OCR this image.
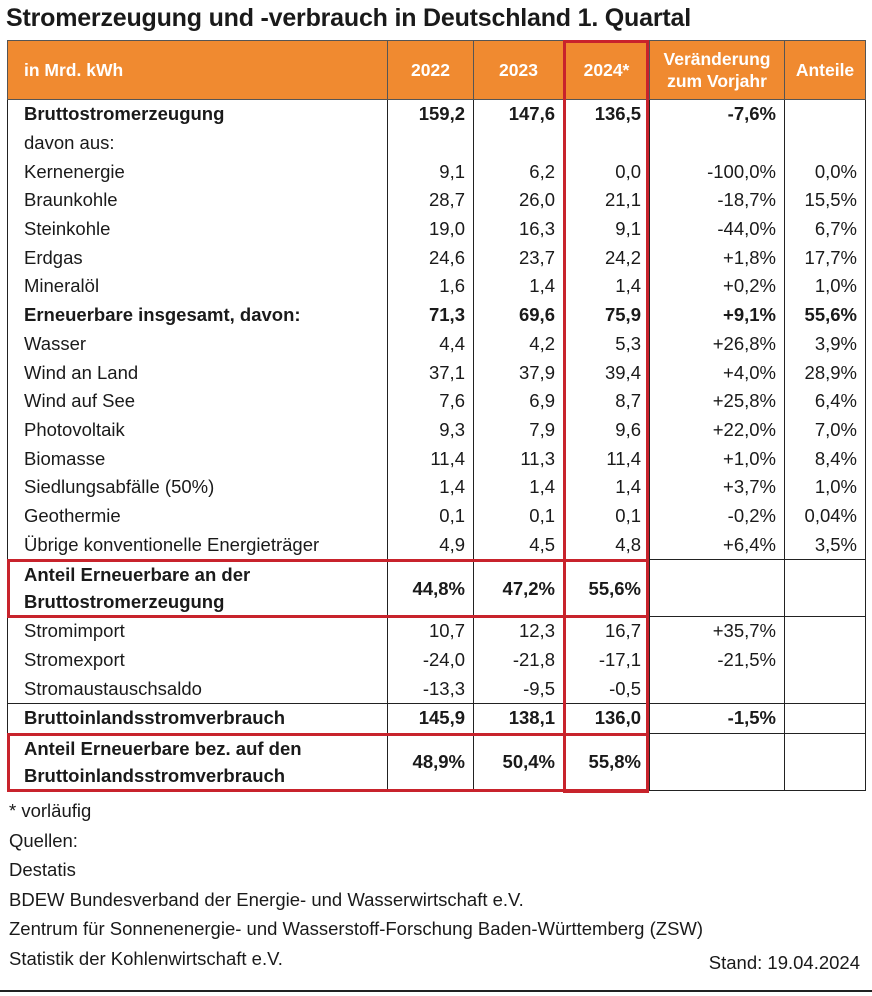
Stromerzeugung und -verbrauch in Deutschland 1. Quartal
in Mrd. kWh	2022	2023	2024*	Veränderung
zum Vorjahr	Anteile
Bruttostromerzeugung	159,2	147,6	136,5	-7,6%	
davon aus:					
Kernenergie	9,1	6,2	0,0	-100,0%	0,0%
Braunkohle	28,7	26,0	21,1	-18,7%	15,5%
Steinkohle	19,0	16,3	9,1	-44,0%	6,7%
Erdgas	24,6	23,7	24,2	+1,8%	17,7%
Mineralöl	1,6	1,4	1,4	+0,2%	1,0%
Erneuerbare insgesamt, davon:	71,3	69,6	75,9	+9,1%	55,6%
Wasser	4,4	4,2	5,3	+26,8%	3,9%
Wind an Land	37,1	37,9	39,4	+4,0%	28,9%
Wind auf See	7,6	6,9	8,7	+25,8%	6,4%
Photovoltaik	9,3	7,9	9,6	+22,0%	7,0%
Biomasse	11,4	11,3	11,4	+1,0%	8,4%
Siedlungsabfälle (50%)	1,4	1,4	1,4	+3,7%	1,0%
Geothermie	0,1	0,1	0,1	-0,2%	0,04%
Übrige konventionelle Energieträger	4,9	4,5	4,8	+6,4%	3,5%
Anteil Erneuerbare an der
Bruttostromerzeugung	44,8%	47,2%	55,6%		
Stromimport	10,7	12,3	16,7	+35,7%	
Stromexport	-24,0	-21,8	-17,1	-21,5%	
Stromaustauschsaldo	-13,3	-9,5	-0,5		
Bruttoinlandsstromverbrauch	145,9	138,1	136,0	-1,5%	
Anteil Erneuerbare bez. auf den
Bruttoinlandsstromverbrauch	48,9%	50,4%	55,8%		
* vorläufig
Quellen:
Destatis
BDEW Bundesverband der Energie- und Wasserwirtschaft e.V.
Zentrum für Sonnenenergie- und Wasserstoff-Forschung Baden-Württemberg (ZSW)
Statistik der Kohlenwirtschaft e.V.	Stand: 19.04.2024
